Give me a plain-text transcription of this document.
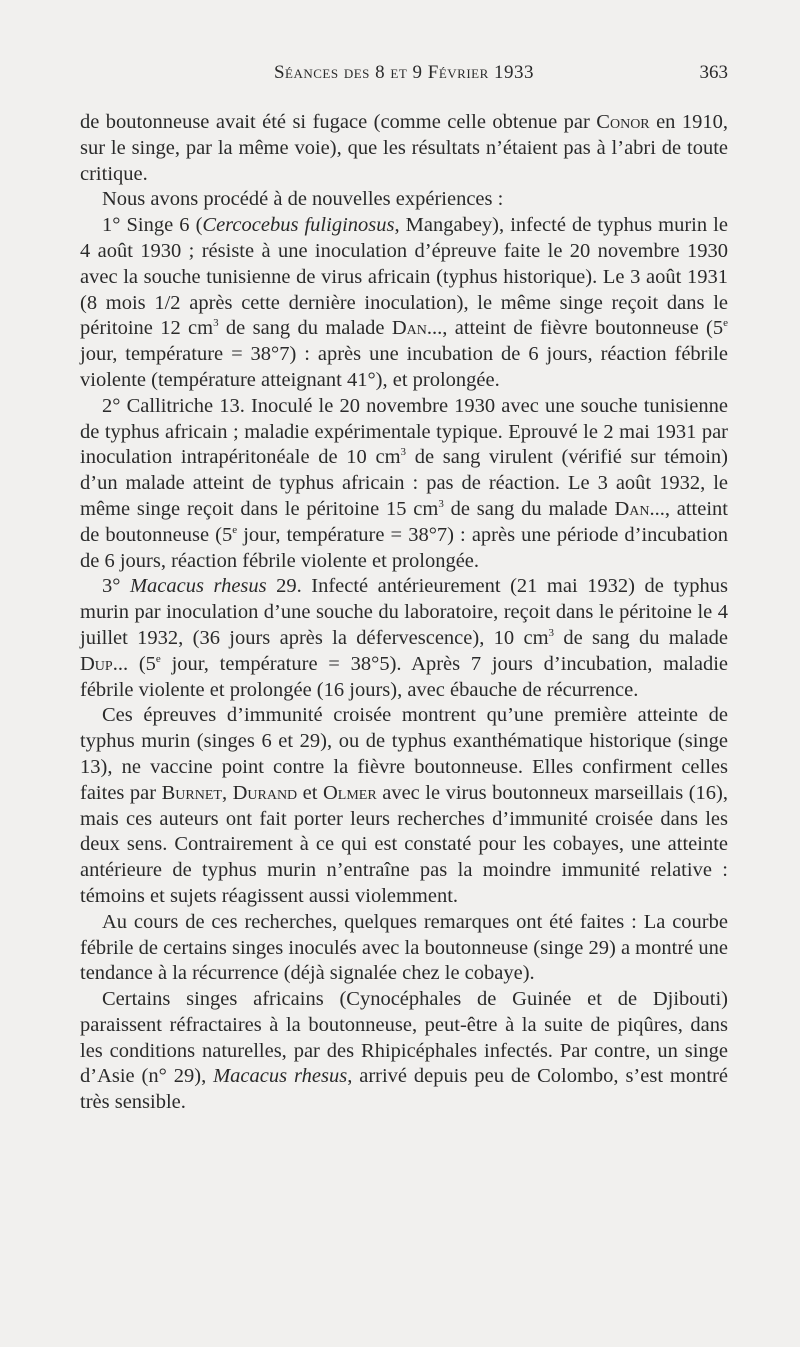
Séances des 8 et 9 Février 1933	363

de boutonneuse avait été si fugace (comme celle obtenue par Conor en 1910, sur le singe, par la même voie), que les résultats n’étaient pas à l’abri de toute critique.

Nous avons procédé à de nouvelles expériences :

1° Singe 6 (Cercocebus fuliginosus, Mangabey), infecté de typhus murin le 4 août 1930 ; résiste à une inoculation d’épreuve faite le 20 novembre 1930 avec la souche tunisienne de virus africain (typhus historique). Le 3 août 1931 (8 mois 1/2 après cette dernière inoculation), le même singe reçoit dans le péritoine 12 $cm^3$ de sang du malade Dan..., atteint de fièvre boutonneuse (5e jour, température = 38°7) : après une incubation de 6 jours, réaction fébrile violente (température atteignant 41°), et prolongée.

2° Callitriche 13. Inoculé le 20 novembre 1930 avec une souche tunisienne de typhus africain ; maladie expérimentale typique. Eprouvé le 2 mai 1931 par inoculation intrapéritonéale de 10 $cm^3$ de sang virulent (vérifié sur témoin) d’un malade atteint de typhus africain : pas de réaction. Le 3 août 1932, le même singe reçoit dans le péritoine 15 $cm^3$ de sang du malade Dan..., atteint de boutonneuse (5e jour, température = 38°7) : après une période d’incubation de 6 jours, réaction fébrile violente et prolongée.

3° Macacus rhesus 29. Infecté antérieurement (21 mai 1932) de typhus murin par inoculation d’une souche du laboratoire, reçoit dans le péritoine le 4 juillet 1932, (36 jours après la défervescence), 10 $cm^3$ de sang du malade Dup... (5e jour, température = 38°5). Après 7 jours d’incubation, maladie fébrile violente et prolongée (16 jours), avec ébauche de récurrence.

Ces épreuves d’immunité croisée montrent qu’une première atteinte de typhus murin (singes 6 et 29), ou de typhus exanthématique historique (singe 13), ne vaccine point contre la fièvre boutonneuse. Elles confirment celles faites par Burnet, Durand et Olmer avec le virus boutonneux marseillais (16), mais ces auteurs ont fait porter leurs recherches d’immunité croisée dans les deux sens. Contrairement à ce qui est constaté pour les cobayes, une atteinte antérieure de typhus murin n’entraîne pas la moindre immunité relative : témoins et sujets réagissent aussi violemment.

Au cours de ces recherches, quelques remarques ont été faites : La courbe fébrile de certains singes inoculés avec la boutonneuse (singe 29) a montré une tendance à la récurrence (déjà signalée chez le cobaye).

Certains singes africains (Cynocéphales de Guinée et de Djibouti) paraissent réfractaires à la boutonneuse, peut-être à la suite de piqûres, dans les conditions naturelles, par des Rhipicéphales infectés. Par contre, un singe d’Asie (n° 29), Macacus rhesus, arrivé depuis peu de Colombo, s’est montré très sensible.
